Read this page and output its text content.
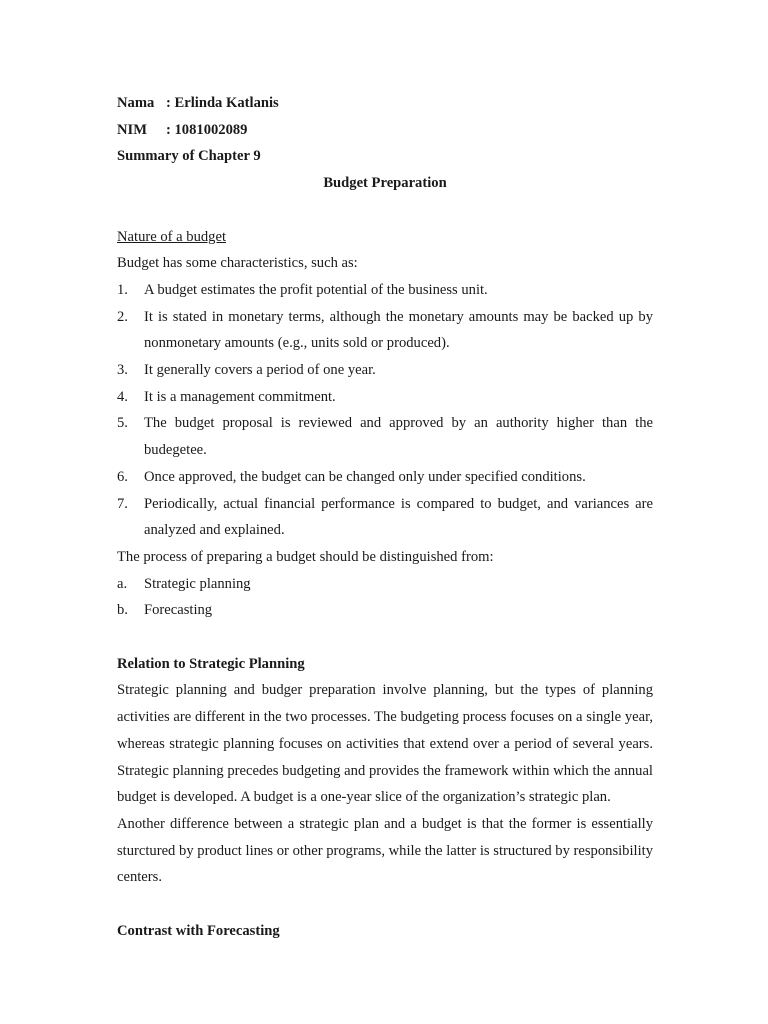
Nama : Erlinda Katlanis

NIM : 1081002089

Summary of Chapter 9

Budget Preparation

Nature of a budget

Budget has some characteristics, such as:

1.	A budget estimates the profit potential of the business unit.
2.	It is stated in monetary terms, although the monetary amounts may be backed up by nonmonetary amounts (e.g., units sold or produced).
3.	It generally covers a period of one year.
4.	It is a management commitment.
5.	The budget proposal is reviewed and approved by an authority higher than the budegetee.
6.	Once approved, the budget can be changed only under specified conditions.
7.	Periodically, actual financial performance is compared to budget, and variances are analyzed and explained.

The process of preparing a budget should be distinguished from:

a.	Strategic planning
b.	Forecasting

Relation to Strategic Planning

Strategic planning and budger preparation involve planning, but the types of planning activities are different in the two processes. The budgeting process focuses on a single year, whereas strategic planning focuses on activities that extend over a period of several years. Strategic planning precedes budgeting and provides the framework within which the annual budget is developed. A budget is a one-year slice of the organization’s strategic plan.

Another difference between a strategic plan and a budget is that the former is essentially sturctured by product lines or other programs, while the latter is structured by responsibility centers.

Contrast with Forecasting
